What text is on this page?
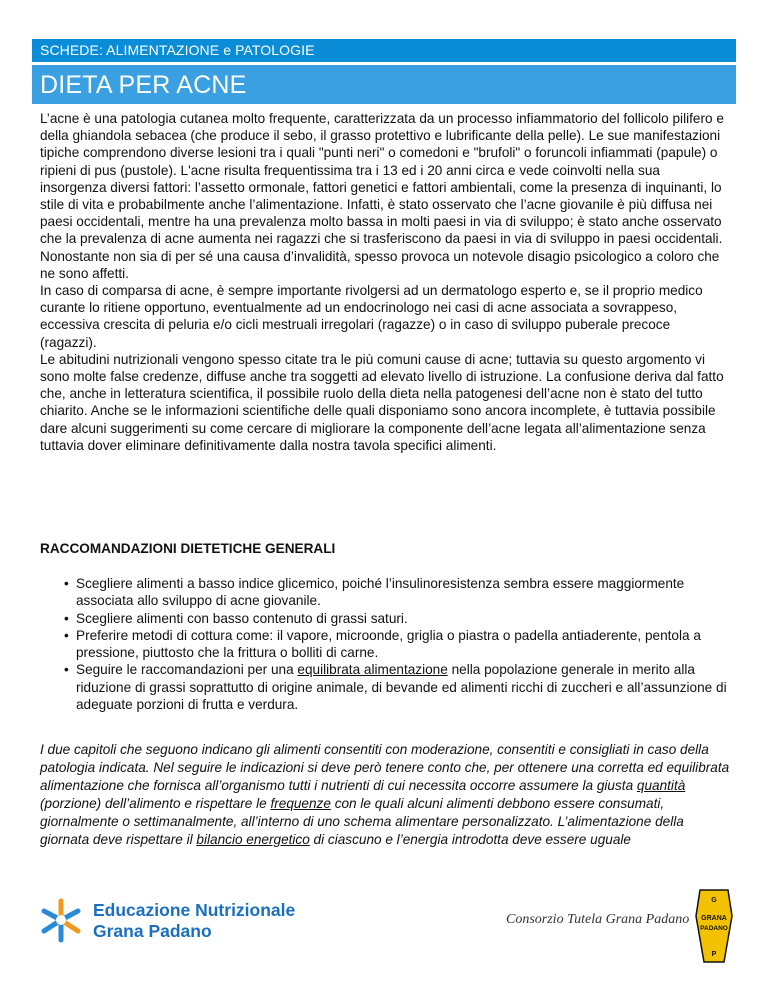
SCHEDE: ALIMENTAZIONE e PATOLOGIE
DIETA PER ACNE

L’acne è una patologia cutanea molto frequente, caratterizzata da un processo infiammatorio del follicolo pilifero e della ghiandola sebacea (che produce il sebo, il grasso protettivo e lubrificante della pelle). Le sue manifestazioni tipiche comprendono diverse lesioni tra i quali "punti neri" o comedoni e "brufoli" o foruncoli infiammati (papule) o ripieni di pus (pustole). L'acne risulta frequentissima tra i 13 ed i 20 anni circa e vede coinvolti nella sua insorgenza diversi fattori: l’assetto ormonale, fattori genetici e fattori ambientali, come la presenza di inquinanti, lo stile di vita e probabilmente anche l’alimentazione. Infatti, è stato osservato che l’acne giovanile è più diffusa nei paesi occidentali, mentre ha una prevalenza molto bassa in molti paesi in via di sviluppo; è stato anche osservato che la prevalenza di acne aumenta nei ragazzi che si trasferiscono da paesi in via di sviluppo in paesi occidentali.

Nonostante non sia di per sé una causa d’invalidità, spesso provoca un notevole disagio psicologico a coloro che ne sono affetti.

In caso di comparsa di acne, è sempre importante rivolgersi ad un dermatologo esperto e, se il proprio medico curante lo ritiene opportuno, eventualmente ad un endocrinologo nei casi di acne associata a sovrappeso, eccessiva crescita di peluria e/o cicli mestruali irregolari (ragazze) o in caso di sviluppo puberale precoce (ragazzi).

Le abitudini nutrizionali vengono spesso citate tra le più comuni cause di acne; tuttavia su questo argomento vi sono molte false credenze, diffuse anche tra soggetti ad elevato livello di istruzione. La confusione deriva dal fatto che, anche in letteratura scientifica, il possibile ruolo della dieta nella patogenesi dell’acne non è stato del tutto chiarito. Anche se le informazioni scientifiche delle quali disponiamo sono ancora incomplete, è tuttavia possibile dare alcuni suggerimenti su come cercare di migliorare la componente dell’acne legata all’alimentazione senza tuttavia dover eliminare definitivamente dalla nostra tavola specifici alimenti.

RACCOMANDAZIONI DIETETICHE GENERALI
• Scegliere alimenti a basso indice glicemico, poiché l’insulinoresistenza sembra essere maggiormente associata allo sviluppo di acne giovanile.
• Scegliere alimenti con basso contenuto di grassi saturi.
• Preferire metodi di cottura come: il vapore, microonde, griglia o piastra o padella antiaderente, pentola a pressione, piuttosto che la frittura o bolliti di carne.
• Seguire le raccomandazioni per una equilibrata alimentazione nella popolazione generale in merito alla riduzione di grassi soprattutto di origine animale, di bevande ed alimenti ricchi di zuccheri e all’assunzione di adeguate porzioni di frutta e verdura.
I due capitoli che seguono indicano gli alimenti consentiti con moderazione, consentiti e consigliati in caso della patologia indicata. Nel seguire le indicazioni si deve però tenere conto che, per ottenere una corretta ed equilibrata alimentazione che fornisca all’organismo tutti i nutrienti di cui necessita occorre assumere la giusta quantità (porzione) dell’alimento e rispettare le frequenze con le quali alcuni alimenti debbono essere consumati, giornalmente o settimanalmente, all’interno di uno schema alimentare personalizzato. L’alimentazione della giornata deve rispettare il bilancio energetico di ciascuno e l’energia introdotta deve essere uguale
Educazione Nutrizionale
Grana Padano
Consorzio Tutela Grana Padano
G
GRANA
PADANO
P
